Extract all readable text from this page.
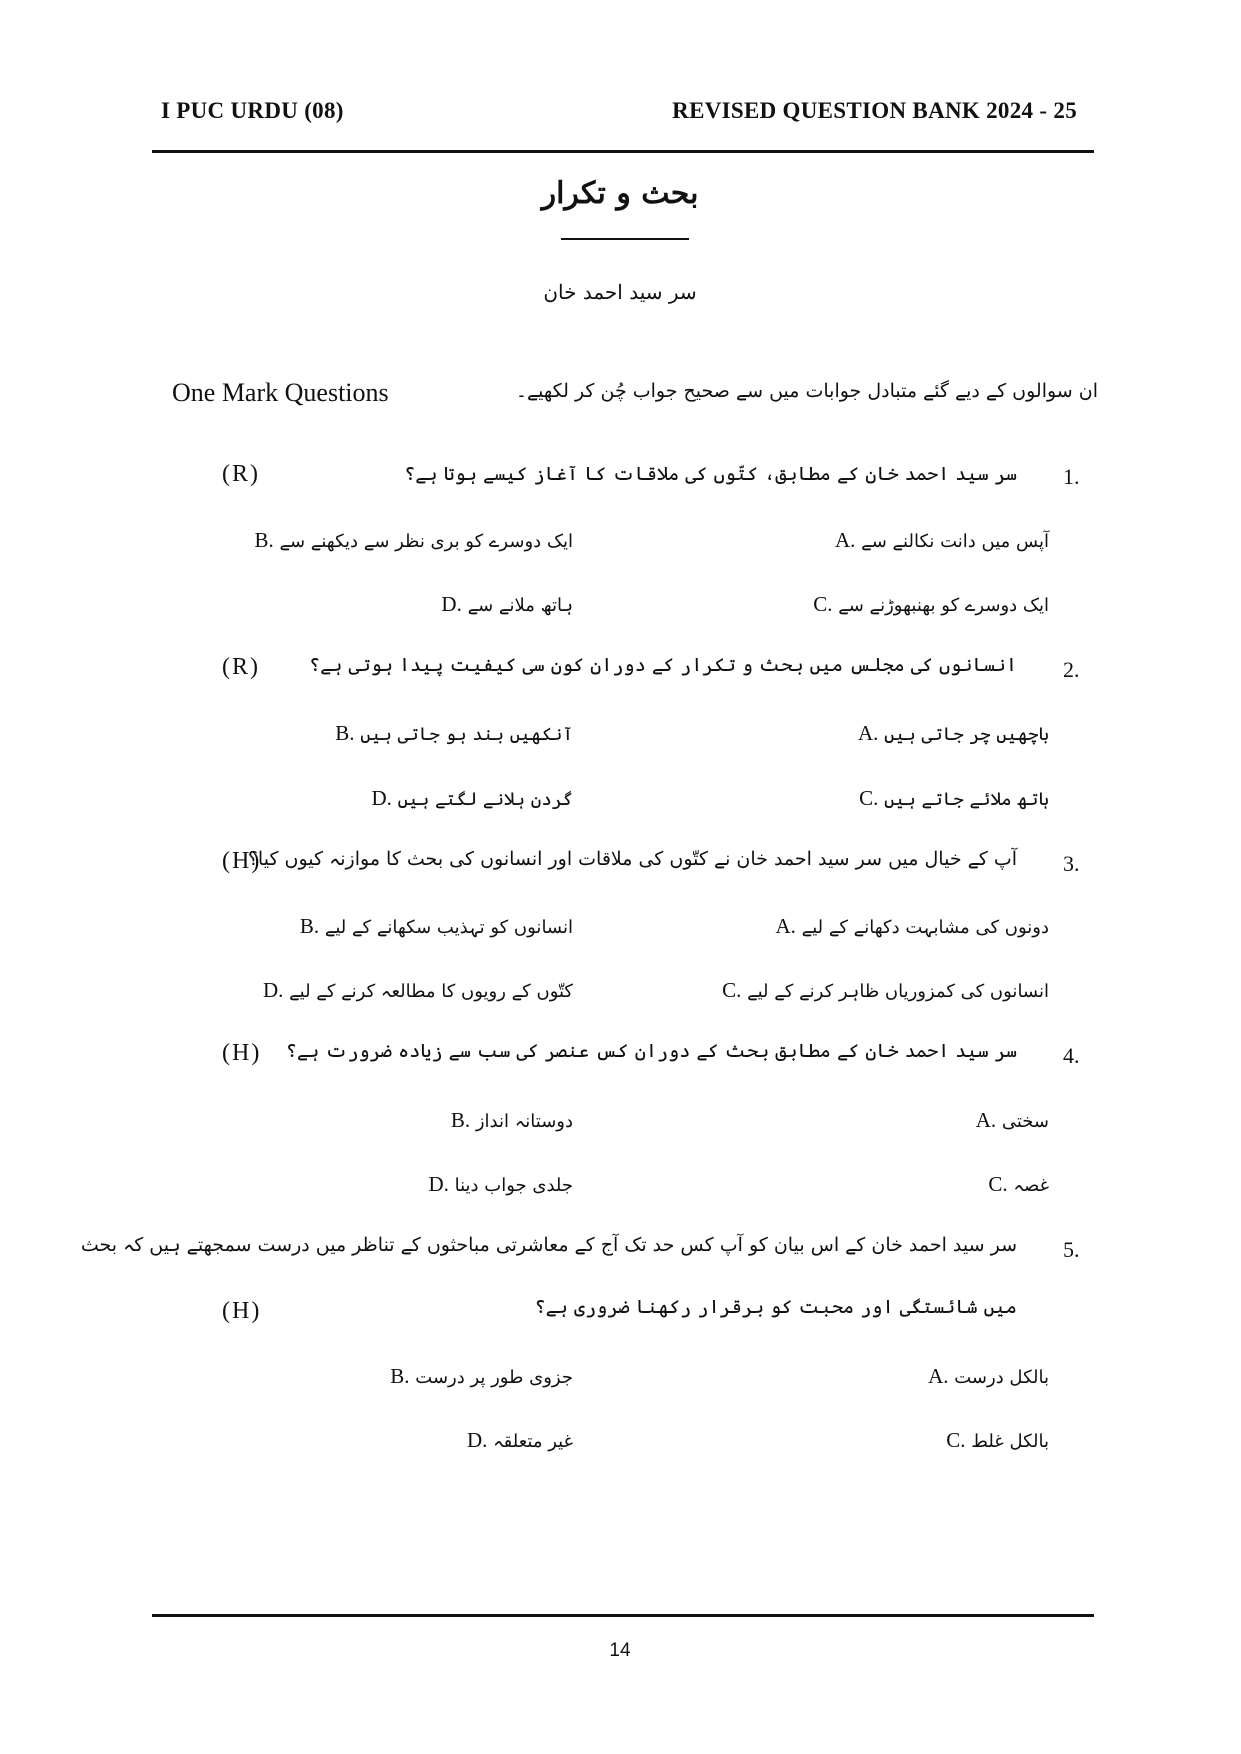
I PUC URDU (08)	REVISED QUESTION BANK 2024 - 25
بحث و تکرار
سر سید احمد خان
One Mark Questions	ان سوالوں کے دیے گئے متبادل جوابات میں سے صحیح جواب چُن کر لکھیے۔
1.
سر سید احمد خان کے مطابق، کتّوں کی ملاقات کا آغاز کیسے ہوتا ہے؟
(R)
A. آپس میں دانت نکالنے سے
B. ایک دوسرے کو بری نظر سے دیکھنے سے
C. ایک دوسرے کو بھنبھوڑنے سے
D. ہاتھ ملانے سے
2.
انسانوں کی مجلس میں بحث و تکرار کے دوران کون سی کیفیت پیدا ہوتی ہے؟
(R)
A. باچھیں چر جاتی ہیں
B. آنکھیں بند ہو جاتی ہیں
C. ہاتھ ملائے جاتے ہیں
D. گردن ہلانے لگتے ہیں
3.
آپ کے خیال میں سر سید احمد خان نے کتّوں کی ملاقات اور انسانوں کی بحث کا موازنہ کیوں کیا؟
(H)
A. دونوں کی مشابہت دکھانے کے لیے
B. انسانوں کو تہذیب سکھانے کے لیے
C. انسانوں کی کمزوریاں ظاہر کرنے کے لیے
D. کتّوں کے رویوں کا مطالعہ کرنے کے لیے
4.
سر سید احمد خان کے مطابق بحث کے دوران کس عنصر کی سب سے زیادہ ضرورت ہے؟
(H)
A. سختی
B. دوستانہ انداز
C. غصہ
D. جلدی جواب دینا
5.
سر سید احمد خان کے اس بیان کو آپ کس حد تک آج کے معاشرتی مباحثوں کے تناظر میں درست سمجھتے ہیں کہ بحث
میں شائستگی اور محبت کو برقرار رکھنا ضروری ہے؟
(H)
A. بالکل درست
B. جزوی طور پر درست
C. بالکل غلط
D. غیر متعلقہ
14
